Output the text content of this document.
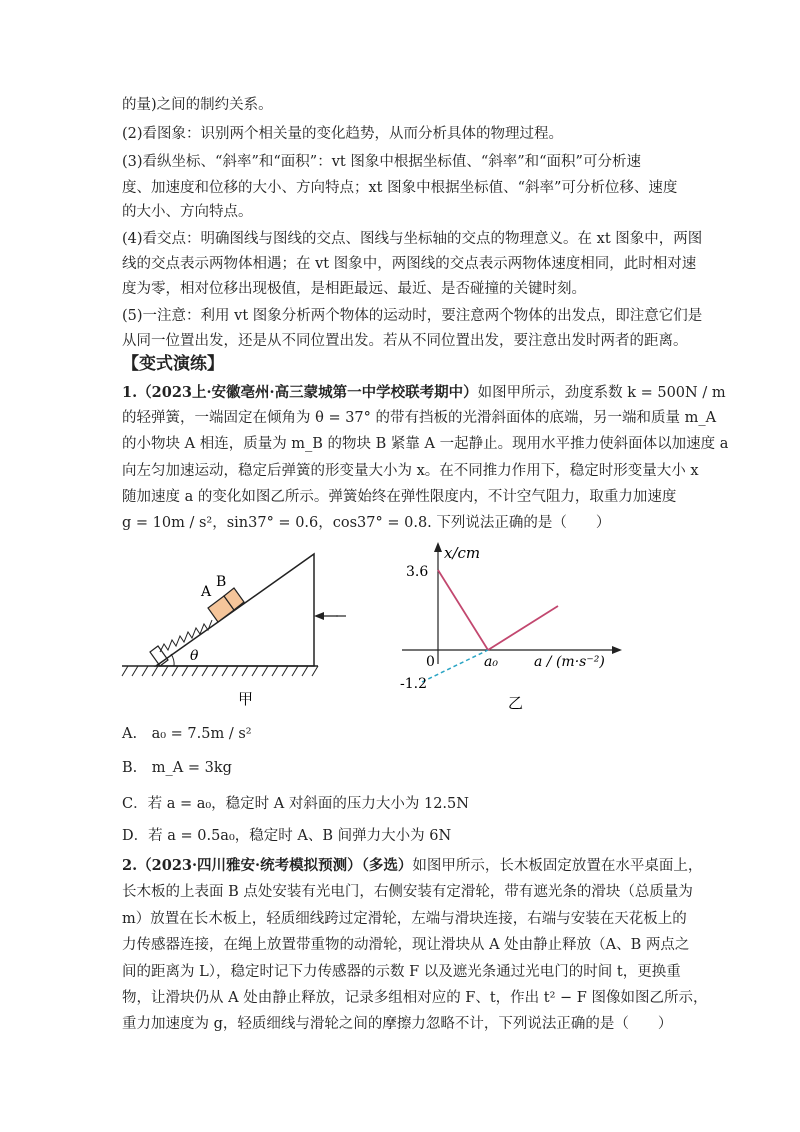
的量)之间的制约关系。
(2)看图象：识别两个相关量的变化趋势，从而分析具体的物理过程。
(3)看纵坐标、“斜率”和“面积”：vt 图象中根据坐标值、“斜率”和“面积”可分析速
度、加速度和位移的大小、方向特点；xt 图象中根据坐标值、“斜率”可分析位移、速度
的大小、方向特点。
(4)看交点：明确图线与图线的交点、图线与坐标轴的交点的物理意义。在 xt 图象中，两图
线的交点表示两物体相遇；在 vt 图象中，两图线的交点表示两物体速度相同，此时相对速
度为零，相对位移出现极值，是相距最远、最近、是否碰撞的关键时刻。
(5)一注意：利用 vt 图象分析两个物体的运动时，要注意两个物体的出发点，即注意它们是
从同一位置出发，还是从不同位置出发。若从不同位置出发，要注意出发时两者的距离。
【变式演练】
1.（2023上·安徽亳州·高三蒙城第一中学校联考期中）如图甲所示，劲度系数 k = 500N / m
的轻弹簧，一端固定在倾角为 θ = 37° 的带有挡板的光滑斜面体的底端，另一端和质量 m_A
的小物块 A 相连，质量为 m_B 的物块 B 紧靠 A 一起静止。现用水平推力使斜面体以加速度 a
向左匀加速运动，稳定后弹簧的形变量大小为 x。在不同推力作用下，稳定时形变量大小 x
随加速度 a 的变化如图乙所示。弹簧始终在弹性限度内，不计空气阻力，取重力加速度
g = 10m / s²，sin37° = 0.6，cos37° = 0.8. 下列说法正确的是（　　）
A
B
θ
甲
x/cm
3.6
0
-1.2
a₀	a / (m·s⁻²)
乙
A.　a₀ = 7.5m / s²
B.　m_A = 3kg
C．若 a = a₀，稳定时 A 对斜面的压力大小为 12.5N
D．若 a = 0.5a₀，稳定时 A、B 间弹力大小为 6N
2.（2023·四川雅安·统考模拟预测）（多选）如图甲所示，长木板固定放置在水平桌面上，
长木板的上表面 B 点处安装有光电门，右侧安装有定滑轮，带有遮光条的滑块（总质量为
m）放置在长木板上，轻质细线跨过定滑轮，左端与滑块连接，右端与安装在天花板上的
力传感器连接，在绳上放置带重物的动滑轮，现让滑块从 A 处由静止释放（A、B 两点之
间的距离为 L），稳定时记下力传感器的示数 F 以及遮光条通过光电门的时间 t，更换重
物，让滑块仍从 A 处由静止释放，记录多组相对应的 F、t，作出 t² − F 图像如图乙所示，
重力加速度为 g，轻质细线与滑轮之间的摩擦力忽略不计，下列说法正确的是（　　）
